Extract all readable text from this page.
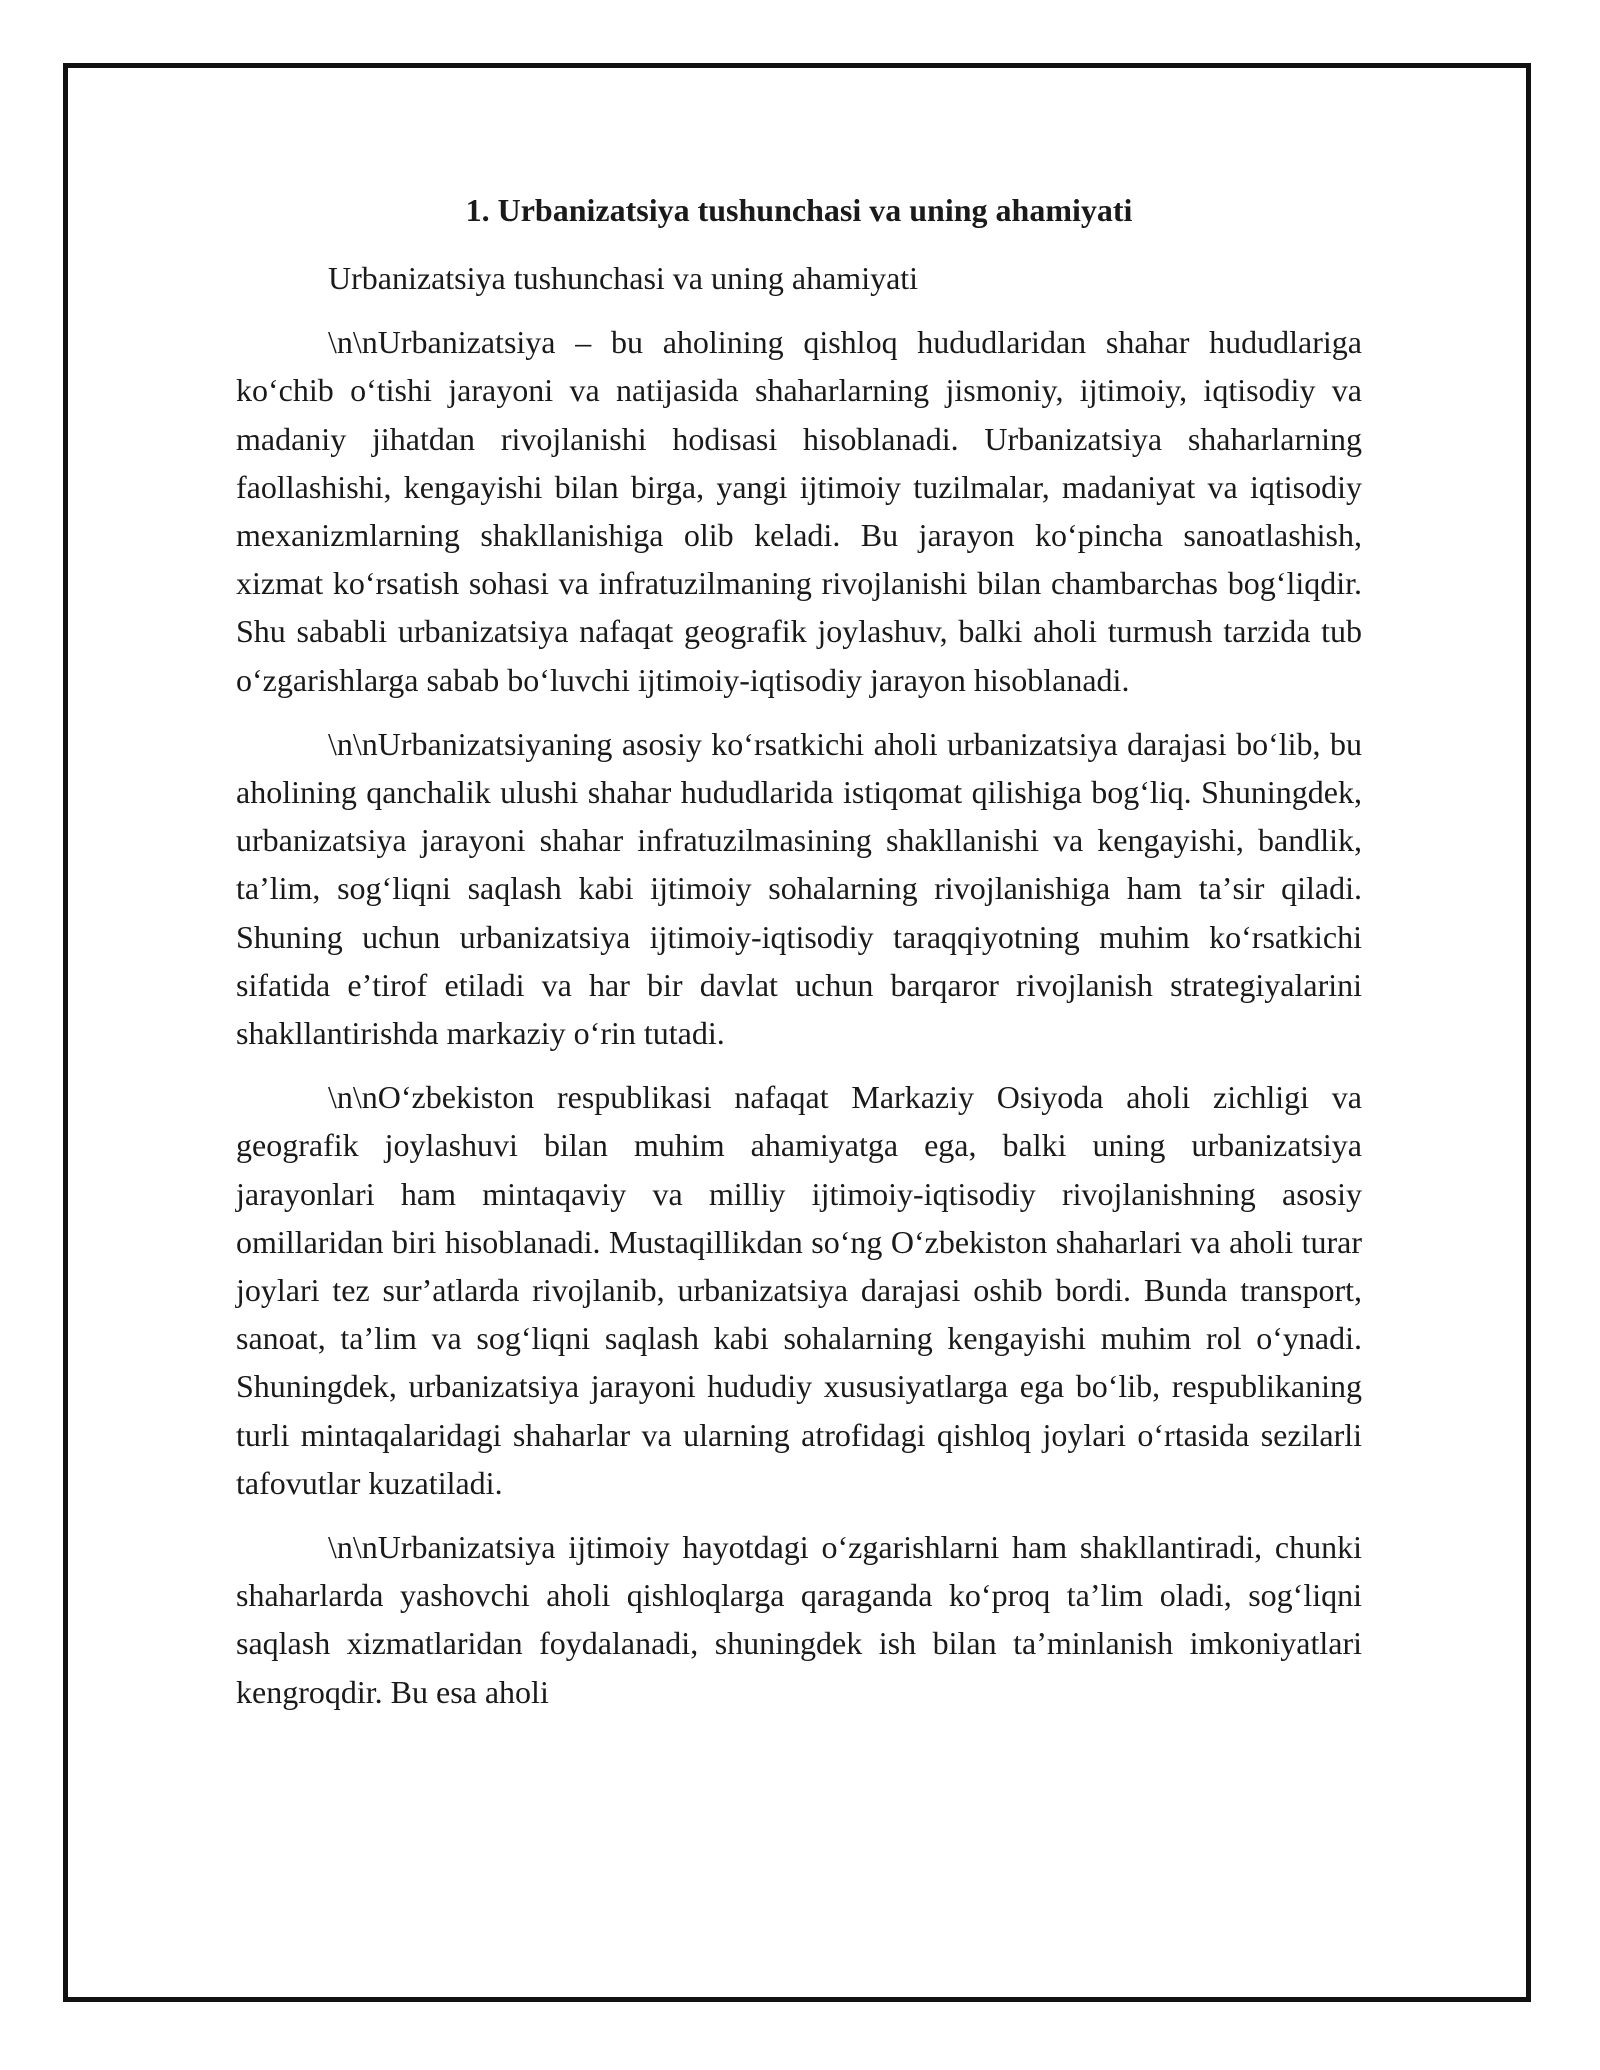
1. Urbanizatsiya tushunchasi va uning ahamiyati

Urbanizatsiya tushunchasi va uning ahamiyati

\n\nUrbanizatsiya – bu aholining qishloq hududlaridan shahar hududlariga koʻchib oʻtishi jarayoni va natijasida shaharlarning jismoniy, ijtimoiy, iqtisodiy va madaniy jihatdan rivojlanishi hodisasi hisoblanadi. Urbanizatsiya shaharlarning faollashishi, kengayishi bilan birga, yangi ijtimoiy tuzilmalar, madaniyat va iqtisodiy mexanizmlarning shakllanishiga olib keladi. Bu jarayon koʻpincha sanoatlashish, xizmat koʻrsatish sohasi va infratuzilmaning rivojlanishi bilan chambarchas bogʻliqdir. Shu sababli urbanizatsiya nafaqat geografik joylashuv, balki aholi turmush tarzida tub oʻzgarishlarga sabab boʻluvchi ijtimoiy-iqtisodiy jarayon hisoblanadi.

\n\nUrbanizatsiyaning asosiy koʻrsatkichi aholi urbanizatsiya darajasi boʻlib, bu aholining qanchalik ulushi shahar hududlarida istiqomat qilishiga bogʻliq. Shuningdek, urbanizatsiya jarayoni shahar infratuzilmasining shakllanishi va kengayishi, bandlik, taʼlim, sogʻliqni saqlash kabi ijtimoiy sohalarning rivojlanishiga ham taʼsir qiladi. Shuning uchun urbanizatsiya ijtimoiy-iqtisodiy taraqqiyotning muhim koʻrsatkichi sifatida eʼtirof etiladi va har bir davlat uchun barqaror rivojlanish strategiyalarini shakllantirishda markaziy oʻrin tutadi.

\n\nOʻzbekiston respublikasi nafaqat Markaziy Osiyoda aholi zichligi va geografik joylashuvi bilan muhim ahamiyatga ega, balki uning urbanizatsiya jarayonlari ham mintaqaviy va milliy ijtimoiy-iqtisodiy rivojlanishning asosiy omillaridan biri hisoblanadi. Mustaqillikdan soʻng Oʻzbekiston shaharlari va aholi turar joylari tez surʼatlarda rivojlanib, urbanizatsiya darajasi oshib bordi. Bunda transport, sanoat, taʼlim va sogʻliqni saqlash kabi sohalarning kengayishi muhim rol oʻynadi. Shuningdek, urbanizatsiya jarayoni hududiy xususiyatlarga ega boʻlib, respublikaning turli mintaqalaridagi shaharlar va ularning atrofidagi qishloq joylari oʻrtasida sezilarli tafovutlar kuzatiladi.

\n\nUrbanizatsiya ijtimoiy hayotdagi oʻzgarishlarni ham shakllantiradi, chunki shaharlarda yashovchi aholi qishloqlarga qaraganda koʻproq taʼlim oladi, sogʻliqni saqlash xizmatlaridan foydalanadi, shuningdek ish bilan taʼminlanish imkoniyatlari kengroqdir. Bu esa aholi
